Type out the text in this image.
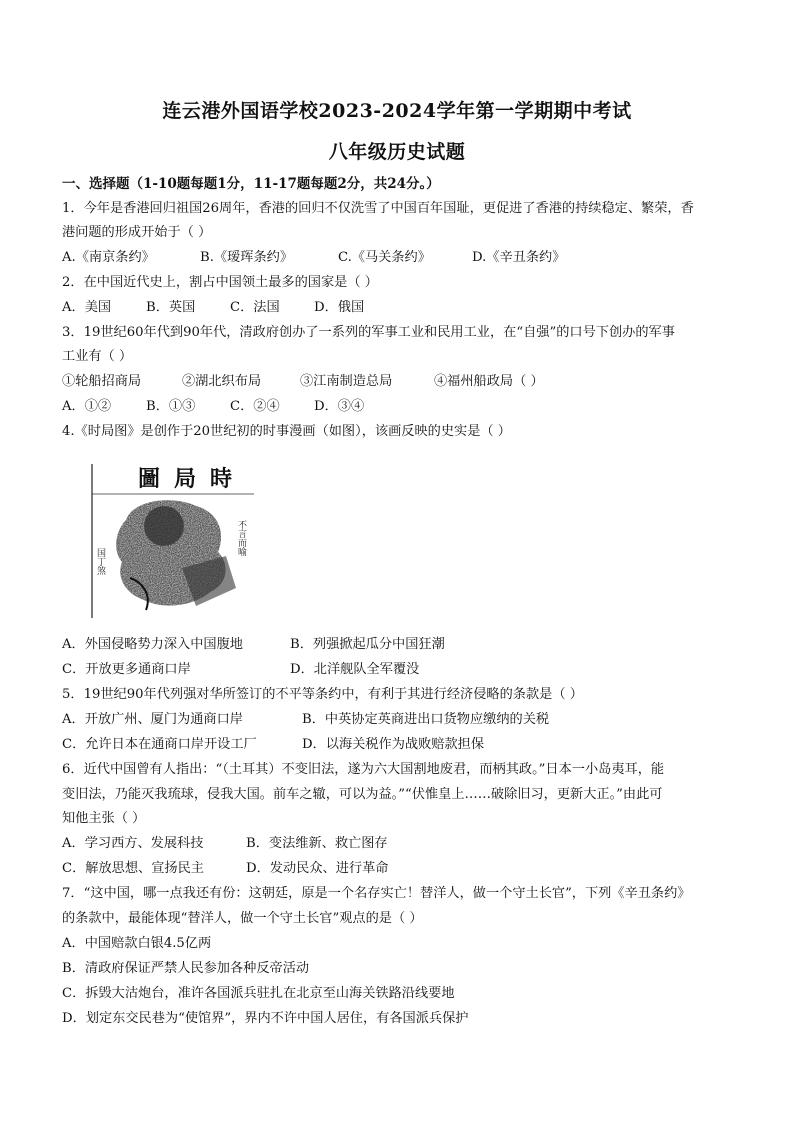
连云港外国语学校2023-2024学年第一学期期中考试
八年级历史试题
一、选择题（1-10题每题1分，11-17题每题2分，共24分。）
1．今年是香港回归祖国26周年，香港的回归不仅洗雪了中国百年国耻，更促进了香港的持续稳定、繁荣，香
港问题的形成开始于（ ）
A.《南京条约》	B.《瑷珲条约》	C.《马关条约》	D.《辛丑条约》
2．在中国近代史上，割占中国领土最多的国家是（ ）
A．美国	B．英国	C．法国	D．俄国
3．19世纪60年代到90年代，清政府创办了一系列的军事工业和民用工业，在“自强”的口号下创办的军事
工业有（ ）
①轮船招商局	②湖北织布局	③江南制造总局	④福州船政局（ ）
A．①②	B．①③	C．②④	D．③④
4.《时局图》是创作于20世纪初的时事漫画（如图），该画反映的史实是（ ）
圖局時
不言而喻
国丁煞
A．外国侵略势力深入中国腹地	B．列强掀起瓜分中国狂潮
C．开放更多通商口岸	D．北洋舰队全军覆没
5．19世纪90年代列强对华所签订的不平等条约中，有利于其进行经济侵略的条款是（ ）
A．开放广州、厦门为通商口岸	B．中英协定英商进出口货物应缴纳的关税
C．允许日本在通商口岸开设工厂	D．以海关税作为战败赔款担保
6．近代中国曾有人指出：“（土耳其）不变旧法，遂为六大国割地废君，而柄其政。”日本一小岛夷耳，能
变旧法，乃能灭我琉球，侵我大国。前车之辙，可以为益。”“伏惟皇上……破除旧习，更新大正。”由此可
知他主张（ ）
A．学习西方、发展科技	B．变法维新、救亡图存
C．解放思想、宣扬民主	D．发动民众、进行革命
7．“这中国，哪一点我还有份：这朝廷，原是一个名存实亡！替洋人，做一个守土长官”，下列《辛丑条约》
的条款中，最能体现“替洋人，做一个守土长官”观点的是（ ）
A．中国赔款白银4.5亿两
B．清政府保证严禁人民参加各种反帝活动
C．拆毁大沽炮台，准许各国派兵驻扎在北京至山海关铁路沿线要地
D．划定东交民巷为“使馆界”，界内不许中国人居住，有各国派兵保护
